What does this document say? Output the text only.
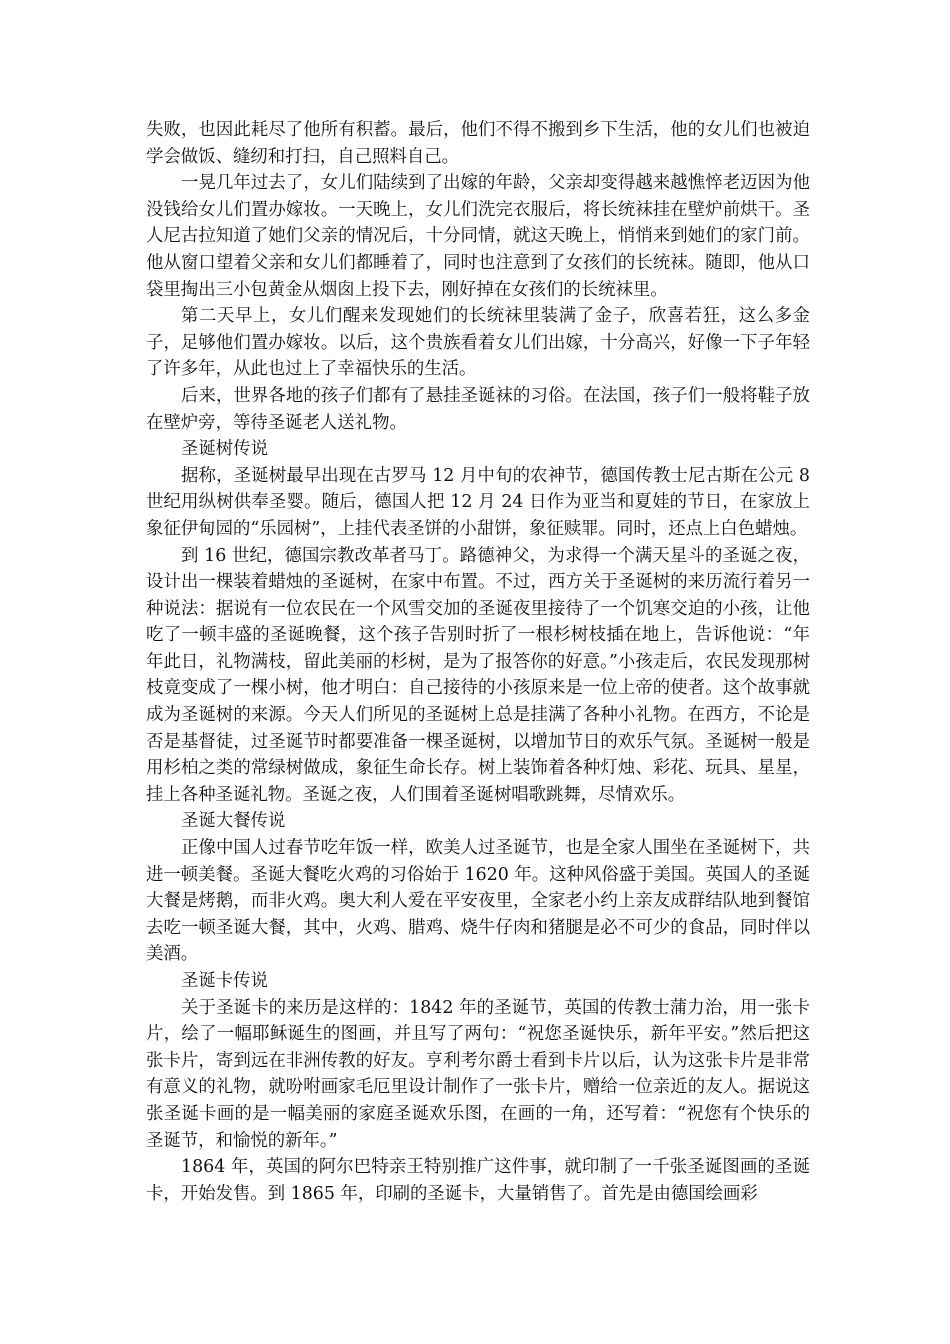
失败，也因此耗尽了他所有积蓄。最后，他们不得不搬到乡下生活，他的女儿们也被迫学会做饭、缝纫和打扫，自己照料自己。

一晃几年过去了，女儿们陆续到了出嫁的年龄，父亲却变得越来越憔悴老迈因为他没钱给女儿们置办嫁妆。一天晚上，女儿们洗完衣服后，将长统袜挂在壁炉前烘干。圣人尼古拉知道了她们父亲的情况后，十分同情，就这天晚上，悄悄来到她们的家门前。他从窗口望着父亲和女儿们都睡着了，同时也注意到了女孩们的长统袜。随即，他从口袋里掏出三小包黄金从烟囱上投下去，刚好掉在女孩们的长统袜里。

第二天早上，女儿们醒来发现她们的长统袜里装满了金子，欣喜若狂，这么多金子，足够他们置办嫁妆。以后，这个贵族看着女儿们出嫁，十分高兴，好像一下子年轻了许多年，从此也过上了幸福快乐的生活。

后来，世界各地的孩子们都有了悬挂圣诞袜的习俗。在法国，孩子们一般将鞋子放在壁炉旁，等待圣诞老人送礼物。

圣诞树传说

据称，圣诞树最早出现在古罗马 12 月中旬的农神节，德国传教士尼古斯在公元 8 世纪用纵树供奉圣婴。随后，德国人把 12 月 24 日作为亚当和夏娃的节日，在家放上象征伊甸园的“乐园树”，上挂代表圣饼的小甜饼，象征赎罪。同时，还点上白色蜡烛。

到 16 世纪，德国宗教改革者马丁。路德神父，为求得一个满天星斗的圣诞之夜，设计出一棵装着蜡烛的圣诞树，在家中布置。不过，西方关于圣诞树的来历流行着另一种说法：据说有一位农民在一个风雪交加的圣诞夜里接待了一个饥寒交迫的小孩，让他吃了一顿丰盛的圣诞晚餐，这个孩子告别时折了一根杉树枝插在地上，告诉他说：“年年此日，礼物满枝，留此美丽的杉树，是为了报答你的好意。”小孩走后，农民发现那树枝竟变成了一棵小树，他才明白：自己接待的小孩原来是一位上帝的使者。这个故事就成为圣诞树的来源。今天人们所见的圣诞树上总是挂满了各种小礼物。在西方，不论是否是基督徒，过圣诞节时都要准备一棵圣诞树，以增加节日的欢乐气氛。圣诞树一般是用杉柏之类的常绿树做成，象征生命长存。树上装饰着各种灯烛、彩花、玩具、星星，挂上各种圣诞礼物。圣诞之夜，人们围着圣诞树唱歌跳舞，尽情欢乐。

圣诞大餐传说

正像中国人过春节吃年饭一样，欧美人过圣诞节，也是全家人围坐在圣诞树下，共进一顿美餐。圣诞大餐吃火鸡的习俗始于 1620 年。这种风俗盛于美国。英国人的圣诞大餐是烤鹅，而非火鸡。奥大利人爱在平安夜里，全家老小约上亲友成群结队地到餐馆去吃一顿圣诞大餐，其中，火鸡、腊鸡、烧牛仔肉和猪腿是必不可少的食品，同时伴以美酒。

圣诞卡传说

关于圣诞卡的来历是这样的：1842 年的圣诞节，英国的传教士蒲力治，用一张卡片，绘了一幅耶稣诞生的图画，并且写了两句：“祝您圣诞快乐，新年平安。”然后把这张卡片，寄到远在非洲传教的好友。亨利考尔爵士看到卡片以后，认为这张卡片是非常有意义的礼物，就吩咐画家毛厄里设计制作了一张卡片，赠给一位亲近的友人。据说这张圣诞卡画的是一幅美丽的家庭圣诞欢乐图，在画的一角，还写着：“祝您有个快乐的圣诞节，和愉悦的新年。”

1864 年，英国的阿尔巴特亲王特别推广这件事，就印制了一千张圣诞图画的圣诞卡，开始发售。到 1865 年，印刷的圣诞卡，大量销售了。首先是由德国绘画彩
